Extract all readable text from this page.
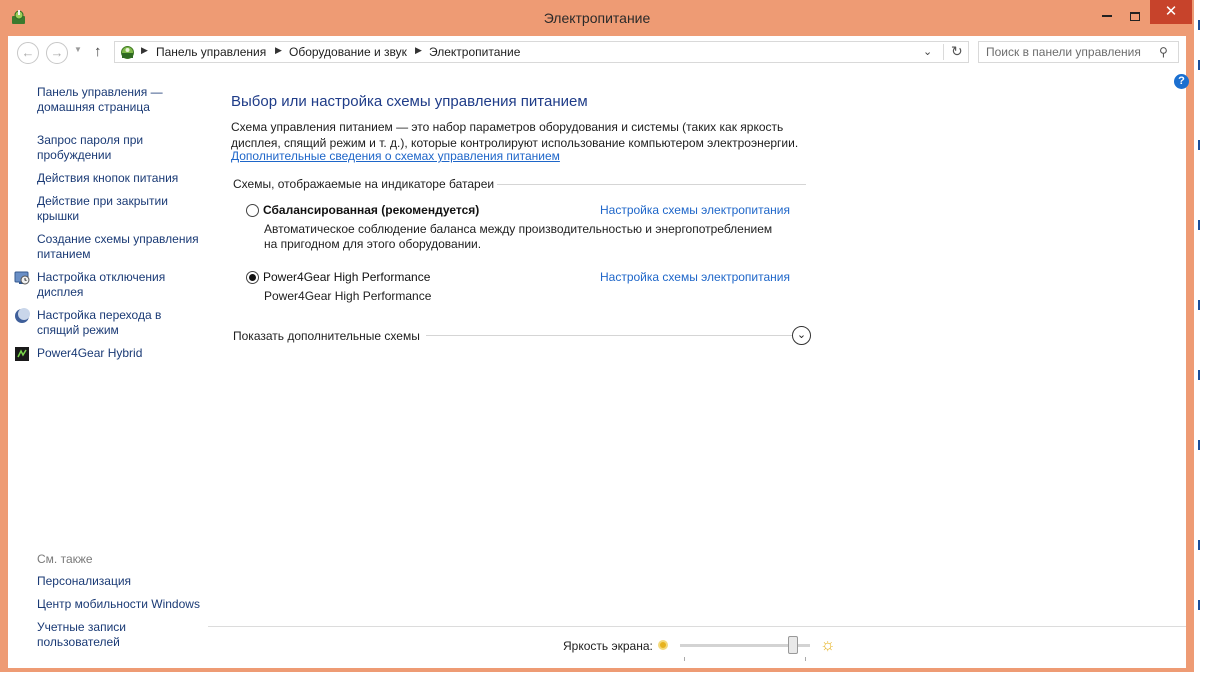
Электропитание	✕
←	→	▼ ↑	▶ Панель управления ▶ Оборудование и звук ▶ Электропитание	⌄ ↻
Поиск в панели управления	⚲
?
Панель управления —
домашняя страница
Запрос пароля при
пробуждении
Действия кнопок питания
Действие при закрытии
крышки
Создание схемы управления
питанием
Настройка отключения
дисплея
Настройка перехода в
спящий режим
Power4Gear Hybrid
См. также
Персонализация
Центр мобильности Windows
Учетные записи
пользователей
Выбор или настройка схемы управления питанием
Схема управления питанием — это набор параметров оборудования и системы (таких как яркость дисплея, спящий режим и т. д.), которые контролируют использование компьютером электроэнергии.
Дополнительные сведения о схемах управления питанием
Схемы, отображаемые на индикаторе батареи
Сбалансированная (рекомендуется)	Настройка схемы электропитания
Автоматическое соблюдение баланса между производительностью и энергопотреблением
на пригодном для этого оборудовании.
Power4Gear High Performance	Настройка схемы электропитания
Power4Gear High Performance
Показать дополнительные схемы	⌄
Яркость экрана:	☼
